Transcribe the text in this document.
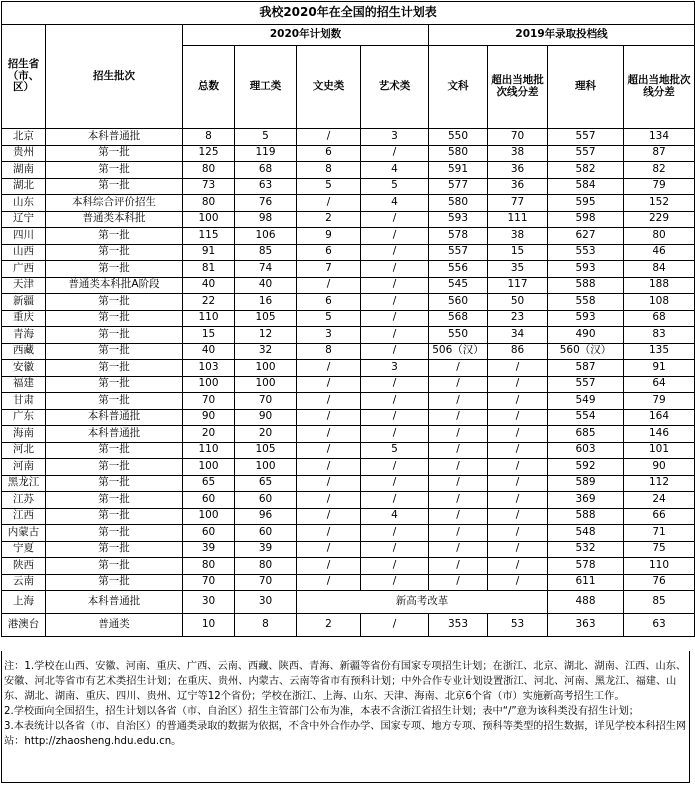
我校2020年在全国的招生计划表									
招生省（市、区）	招生批次	2020年计划数				2019年录取投档线			
		总数	理工类	文史类	艺术类	文科	超出当地批次线分差	理科	超出当地批次线分差
北京	本科普通批	8	5	/	3	550	70	557	134
贵州	第一批	125	119	6	/	580	38	557	87
湖南	第一批	80	68	8	4	591	36	582	82
湖北	第一批	73	63	5	5	577	36	584	79
山东	本科综合评价招生	80	76	/	4	580	77	595	152
辽宁	普通类本科批	100	98	2	/	593	111	598	229
四川	第一批	115	106	9	/	578	38	627	80
山西	第一批	91	85	6	/	557	15	553	46
广西	第一批	81	74	7	/	556	35	593	84
天津	普通类本科批A阶段	40	40	/	/	545	117	588	188
新疆	第一批	22	16	6	/	560	50	558	108
重庆	第一批	110	105	5	/	568	23	593	68
青海	第一批	15	12	3	/	550	34	490	83
西藏	第一批	40	32	8	/	506（汉）	86	560（汉）	135
安徽	第一批	103	100	/	3	/	/	587	91
福建	第一批	100	100	/	/	/	/	557	64
甘肃	第一批	70	70	/	/	/	/	549	79
广东	本科普通批	90	90	/	/	/	/	554	164
海南	本科普通批	20	20	/	/	/	/	685	146
河北	第一批	110	105	/	5	/	/	603	101
河南	第一批	100	100	/	/	/	/	592	90
黑龙江	第一批	65	65	/	/	/	/	589	112
江苏	第一批	60	60	/	/	/	/	369	24
江西	第一批	100	96	/	4	/	/	588	66
内蒙古	第一批	60	60	/	/	/	/	548	71
宁夏	第一批	39	39	/	/	/	/	532	75
陕西	第一批	80	80	/	/	/	/	578	110
云南	第一批	70	70	/	/	/	/	611	76
上海	本科普通批	30	30	新高考改革				488	85
港澳台	普通类	10	8	2	/	353	53	363	63

注：1.学校在山西、安徽、河南、重庆、广西、云南、西藏、陕西、青海、新疆等省份有国家专项招生计划；在浙江、北京、湖北、湖南、江西、山东、安徽、河北等省市有艺术类招生计划；在重庆、贵州、内蒙古、云南等省市有预科计划；中外合作专业计划设置浙江、河北、河南、黑龙江、福建、山东、湖北、湖南、重庆、四川、贵州、辽宁等12个省份；学校在浙江、上海、山东、天津、海南、北京6个省（市）实施新高考招生工作。

2.学校面向全国招生，招生计划以各省（市、自治区）招生主管部门公布为准，本表不含浙江省招生计划；表中“/”意为该科类没有招生计划；

3.本表统计以各省（市、自治区）的普通类录取的数据为依据，不含中外合作办学、国家专项、地方专项、预科等类型的招生数据，详见学校本科招生网站：http://zhaosheng.hdu.edu.cn。
